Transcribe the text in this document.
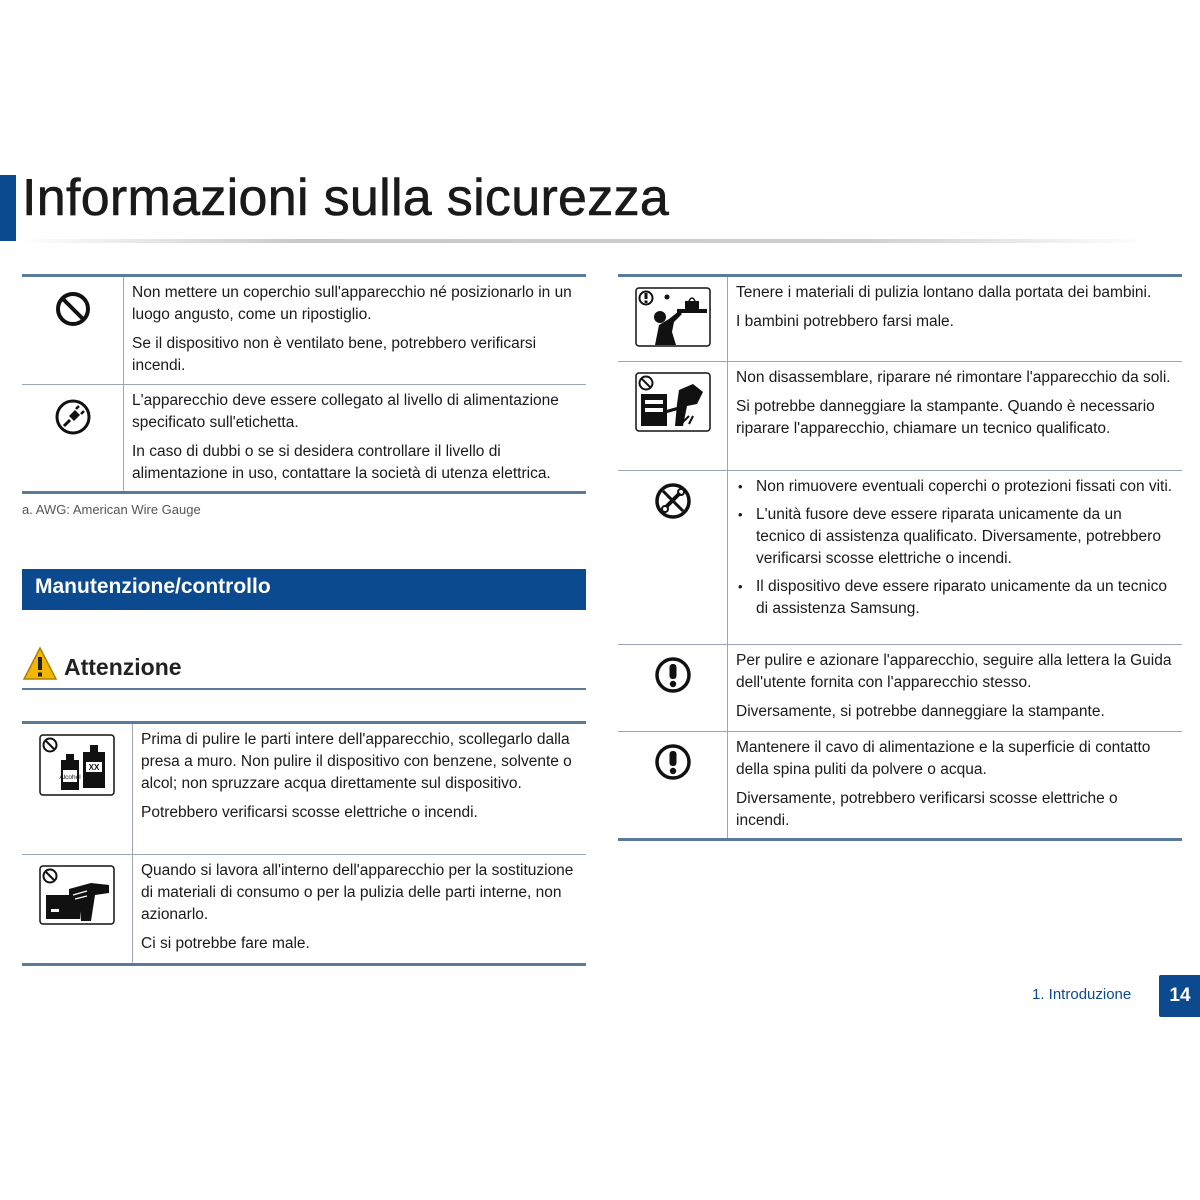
Informazioni sulla sicurezza

Non mettere un coperchio sull'apparecchio né posizionarlo in un luogo angusto, come un ripostiglio.

Se il dispositivo non è ventilato bene, potrebbero verificarsi incendi.

L'apparecchio deve essere collegato al livello di alimentazione specificato sull'etichetta.

In caso di dubbi o se si desidera controllare il livello di alimentazione in uso, contattare la società di utenza elettrica.

a. AWG: American Wire Gauge
Manutenzione/controllo
Attenzione
Alcohol
XX

Prima di pulire le parti intere dell'apparecchio, scollegarlo dalla presa a muro. Non pulire il dispositivo con benzene, solvente o alcol; non spruzzare acqua direttamente sul dispositivo.

Potrebbero verificarsi scosse elettriche o incendi.

Quando si lavora all'interno dell'apparecchio per la sostituzione di materiali di consumo o per la pulizia delle parti interne, non azionarlo.

Ci si potrebbe fare male.

Tenere i materiali di pulizia lontano dalla portata dei bambini.

I bambini potrebbero farsi male.

Non disassemblare, riparare né rimontare l'apparecchio da soli.

Si potrebbe danneggiare la stampante. Quando è necessario riparare l'apparecchio, chiamare un tecnico qualificato.

• Non rimuovere eventuali coperchi o protezioni fissati con viti.
• L'unità fusore deve essere riparata unicamente da un tecnico di assistenza qualificato. Diversamente, potrebbero verificarsi scosse elettriche o incendi.
• Il dispositivo deve essere riparato unicamente da un tecnico di assistenza Samsung.

Per pulire e azionare l'apparecchio, seguire alla lettera la Guida dell'utente fornita con l'apparecchio stesso.

Diversamente, si potrebbe danneggiare la stampante.

Mantenere il cavo di alimentazione e la superficie di contatto della spina puliti da polvere o acqua.

Diversamente, potrebbero verificarsi scosse elettriche o incendi.

1. Introduzione	14
